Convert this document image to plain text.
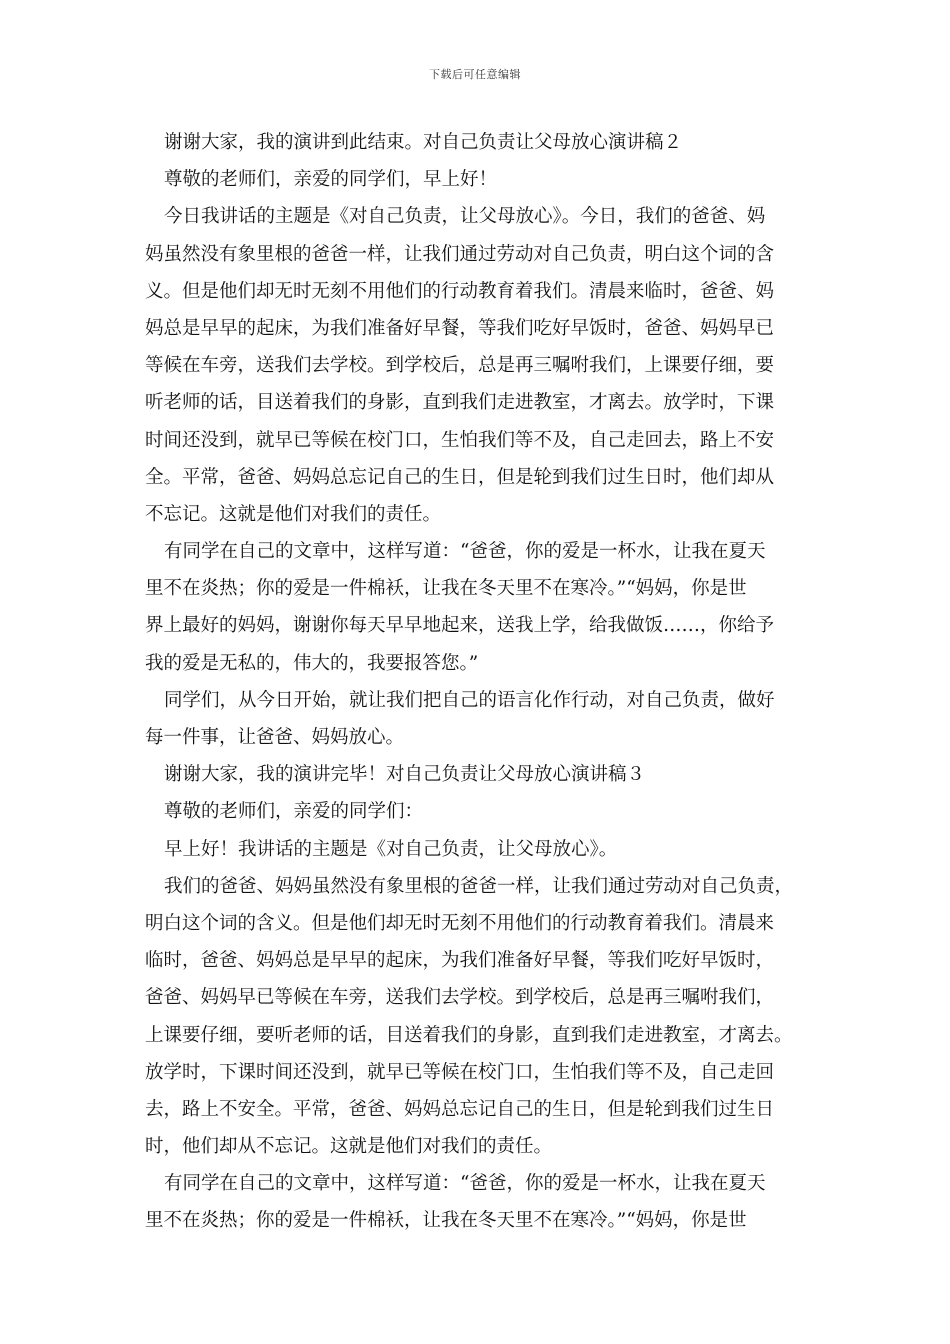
下载后可任意编辑
谢谢大家，我的演讲到此结束。对自己负责让父母放心演讲稿２
尊敬的老师们，亲爱的同学们，早上好！
今日我讲话的主题是《对自己负责，让父母放心》。今日，我们的爸爸、妈
妈虽然没有象里根的爸爸一样，让我们通过劳动对自己负责，明白这个词的含
义。但是他们却无时无刻不用他们的行动教育着我们。清晨来临时，爸爸、妈
妈总是早早的起床，为我们准备好早餐，等我们吃好早饭时，爸爸、妈妈早已
等候在车旁，送我们去学校。到学校后，总是再三嘱咐我们，上课要仔细，要
听老师的话，目送着我们的身影，直到我们走进教室，才离去。放学时，下课
时间还没到，就早已等候在校门口，生怕我们等不及，自己走回去，路上不安
全。平常，爸爸、妈妈总忘记自己的生日，但是轮到我们过生日时，他们却从
不忘记。这就是他们对我们的责任。
有同学在自己的文章中，这样写道：“爸爸，你的爱是一杯水，让我在夏天
里不在炎热；你的爱是一件棉袄，让我在冬天里不在寒冷。”“妈妈，你是世
界上最好的妈妈，谢谢你每天早早地起来，送我上学，给我做饭……，你给予
我的爱是无私的，伟大的，我要报答您。”
同学们，从今日开始，就让我们把自己的语言化作行动，对自己负责，做好
每一件事，让爸爸、妈妈放心。
谢谢大家，我的演讲完毕！对自己负责让父母放心演讲稿３
尊敬的老师们，亲爱的同学们：
早上好！我讲话的主题是《对自己负责，让父母放心》。
我们的爸爸、妈妈虽然没有象里根的爸爸一样，让我们通过劳动对自己负责，
明白这个词的含义。但是他们却无时无刻不用他们的行动教育着我们。清晨来
临时，爸爸、妈妈总是早早的起床，为我们准备好早餐，等我们吃好早饭时，
爸爸、妈妈早已等候在车旁，送我们去学校。到学校后，总是再三嘱咐我们，
上课要仔细，要听老师的话，目送着我们的身影，直到我们走进教室，才离去。
放学时，下课时间还没到，就早已等候在校门口，生怕我们等不及，自己走回
去，路上不安全。平常，爸爸、妈妈总忘记自己的生日，但是轮到我们过生日
时，他们却从不忘记。这就是他们对我们的责任。
有同学在自己的文章中，这样写道：“爸爸，你的爱是一杯水，让我在夏天
里不在炎热；你的爱是一件棉袄，让我在冬天里不在寒冷。”“妈妈，你是世
